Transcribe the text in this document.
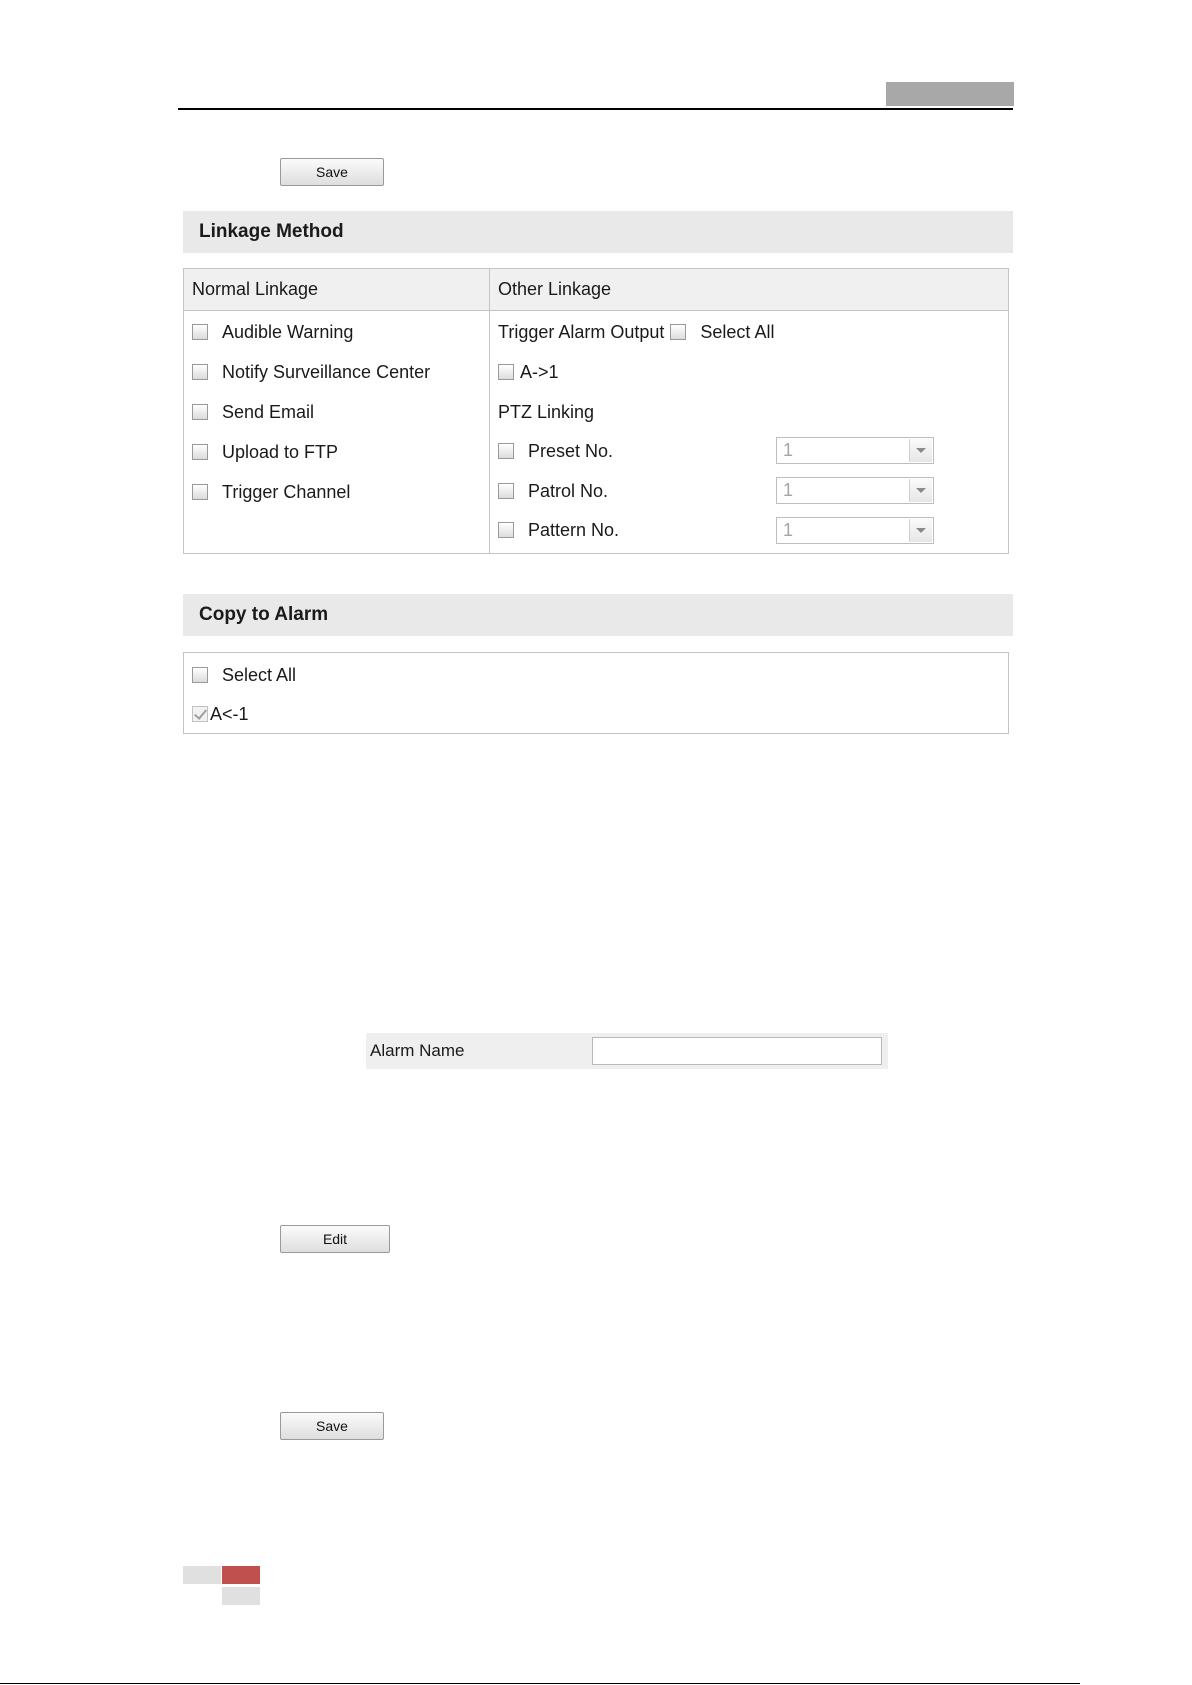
Save
Linkage Method
Normal Linkage	Other Linkage
Audible Warning
Notify Surveillance Center
Send Email
Upload to FTP
Trigger Channel
Trigger Alarm Output Select All
A->1
PTZ Linking
Preset No.	1
Patrol No.	1
Pattern No.	1
Copy to Alarm
Select All
A<-1
Alarm Name
Edit
Save
